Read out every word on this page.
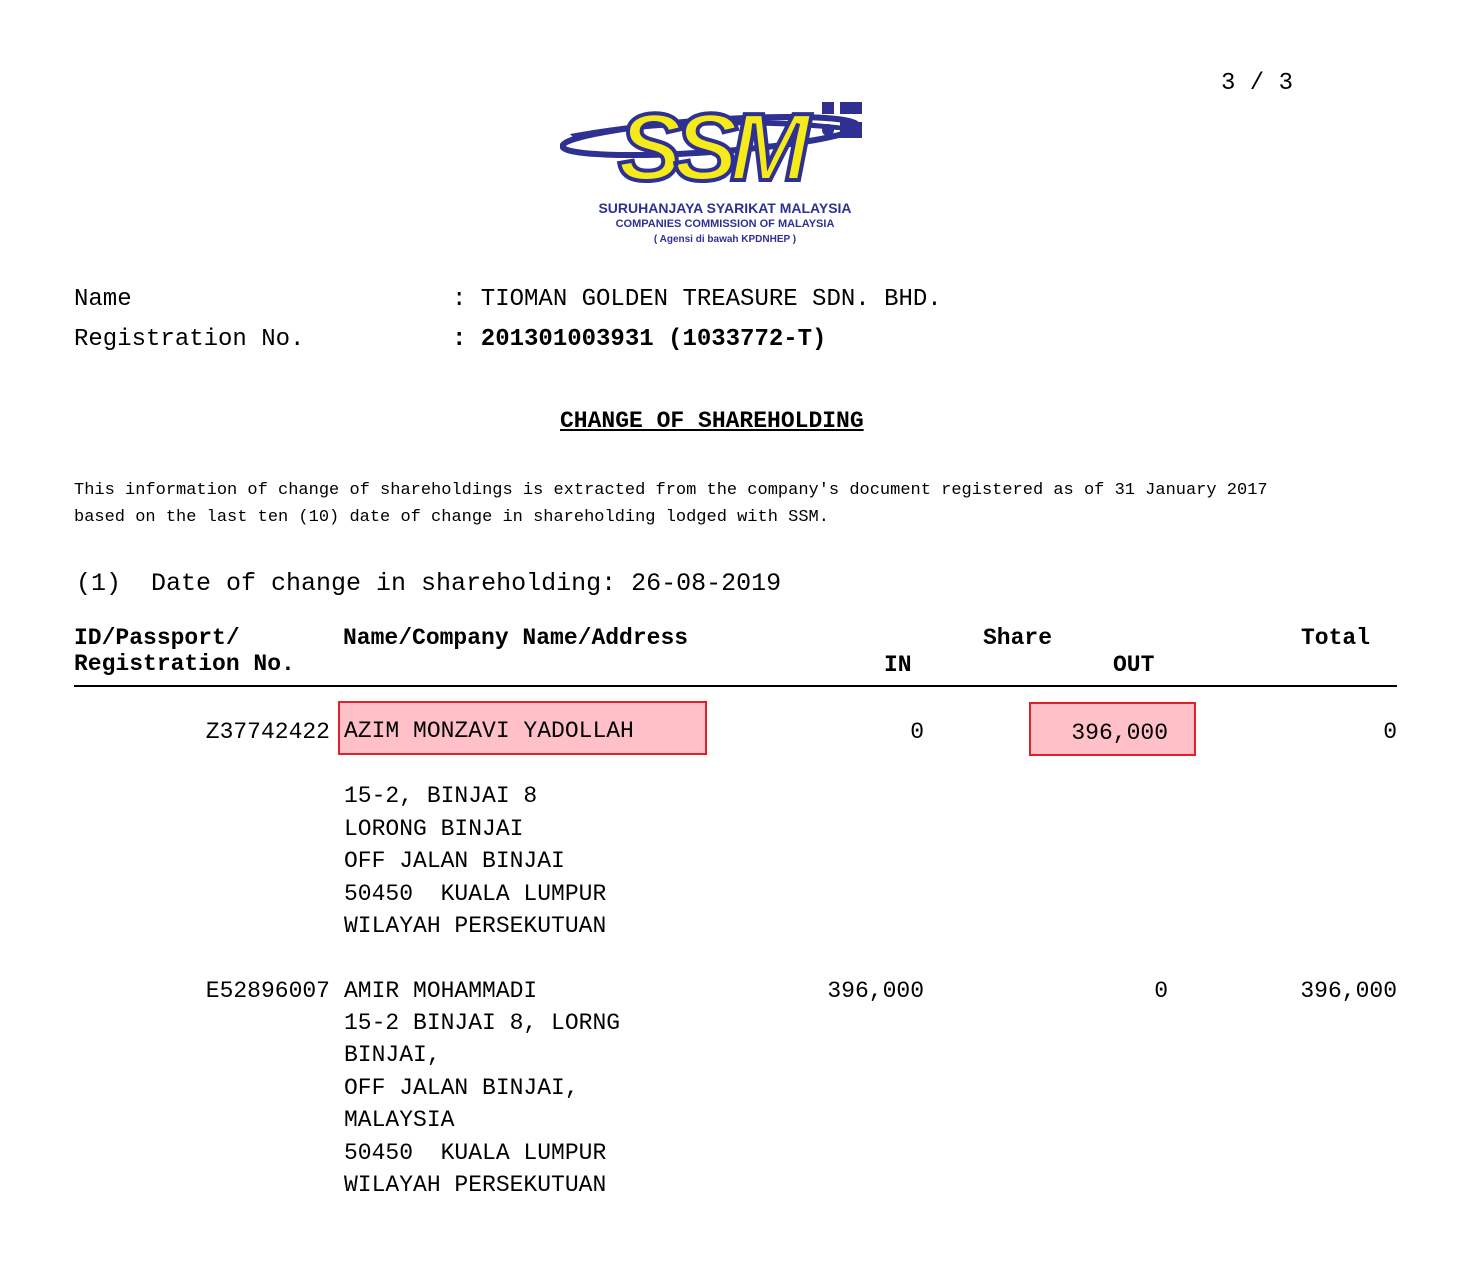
3 / 3
SSM
SURUHANJAYA SYARIKAT MALAYSIA
COMPANIES COMMISSION OF MALAYSIA
( Agensi di bawah KPDNHEP )
Name	: TIOMAN GOLDEN TREASURE SDN. BHD.
Registration No.	: 201301003931 (1033772-T)
CHANGE OF SHAREHOLDING
This information of change of shareholdings is extracted from the company's document registered as of 31 January 2017
based on the last ten (10) date of change in shareholding lodged with SSM.
(1)  Date of change in shareholding: 26-08-2019
ID/Passport/
Registration No.
Name/Company Name/Address	Share
IN	OUT
Total
Z37742422 AZIM MONZAVI YADOLLAH
15-2, BINJAI 8
LORONG BINJAI
OFF JALAN BINJAI
50450  KUALA LUMPUR
WILAYAH PERSEKUTUAN
0	396,000	0
E52896007 AMIR MOHAMMADI
15-2 BINJAI 8, LORNG
BINJAI,
OFF JALAN BINJAI,
MALAYSIA
50450  KUALA LUMPUR
WILAYAH PERSEKUTUAN
396,000	0	396,000
